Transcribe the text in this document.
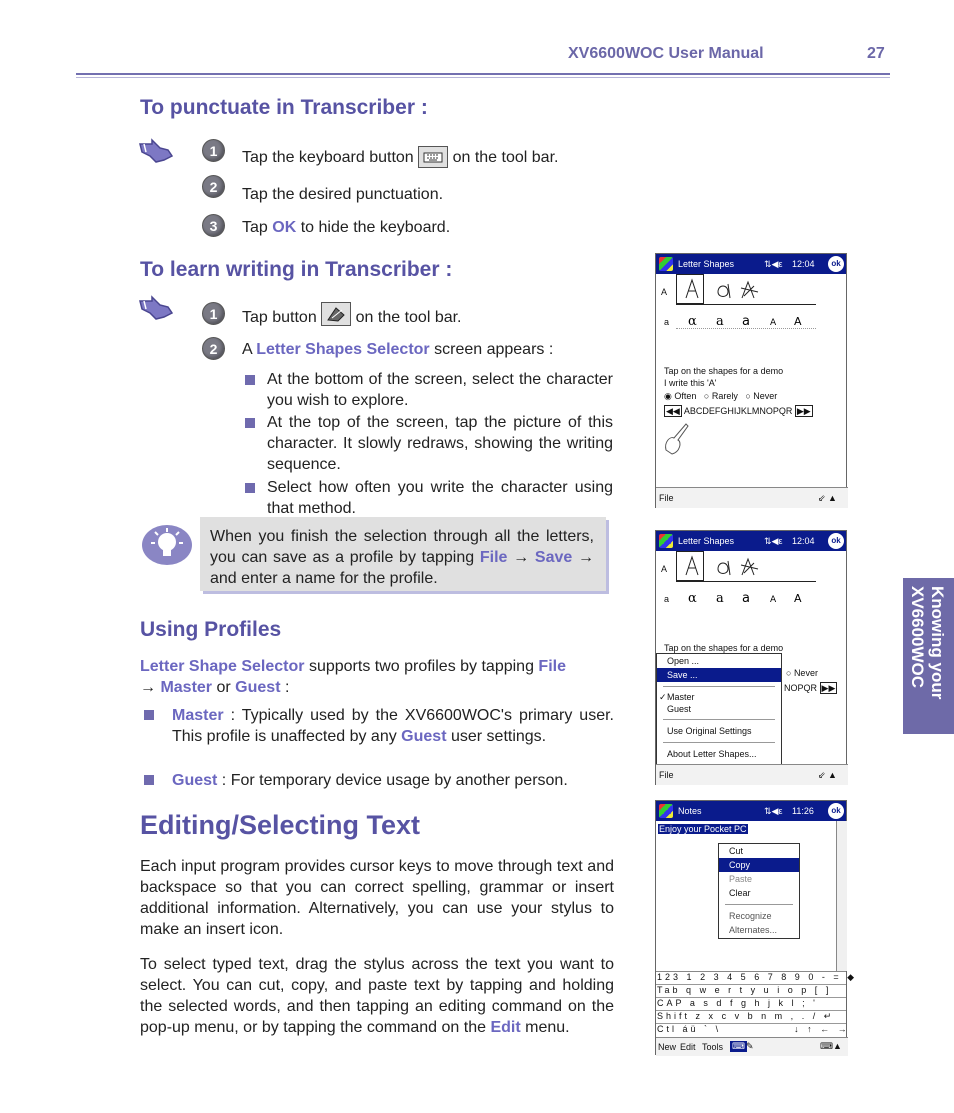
XV6600WOC User Manual	27
Knowing your
XV6600WOC
To punctuate in Transcriber :
1	Tap the keyboard button on the tool bar.
2	Tap the desired punctuation.
3	Tap OK to hide the keyboard.
To learn writing in Transcriber :
1	Tap button on the tool bar.
2	A Letter Shapes Selector screen appears :
At the bottom of the screen, select the character you wish to explore.
At the top of the screen, tap the picture of this character. It slowly redraws, showing the writing sequence.
Select how often you write the character using that method.
When you finish the selection through all the letters, you can save as a profile by tapping File → Save → and enter a name for the profile.
Using Profiles
Letter Shape Selector supports two profiles by tapping File
→ Master or Guest :
Master : Typically used by the XV6600WOC's primary user. This profile is unaffected by any Guest user settings.
Guest : For temporary device usage by another person.
Editing/Selecting Text
Each input program provides cursor keys to move through text and backspace so that you can correct spelling, grammar or insert additional information. Alternatively, you can use your stylus to make an insert icon.
To select typed text, drag the stylus across the text you want to select. You can cut, copy, and paste text by tapping and holding the selected words, and then tapping an editing command on the pop-up menu, or by tapping the command on the Edit menu.
Letter Shapes	⇅◀ε 12:04	ok
A
a α a a A A
Tap on the shapes for a demo
I write this 'A'
◉ Often ○ Rarely ○ Never
◀◀ ABCDEFGHIJKLMNOPQR ▶▶
File	⇙ ▲
Letter Shapes	⇅◀ε 12:04	ok
A
a α a a A A
Tap on the shapes for a demo
○ Never
NOPQR ▶▶
Open ...
Save ...
✓ Master
Guest
Use Original Settings
About Letter Shapes...
File	⇙ ▲
Notes	⇅◀ε 11:26	ok
Enjoy your Pocket PC
Cut
Copy
Paste
Clear
Recognize
Alternates...
123 1 2 3 4 5 6 7 8 9 0 - = ◆
Tab q w e r t y u i o p [ ]
CAP a s d f g h j k l ; '
Shift z x c v b n m , . / ↵
Ctl áü ` \	↓ ↑ ← →
New Edit Tools ⌨ ✎	⌨▲
